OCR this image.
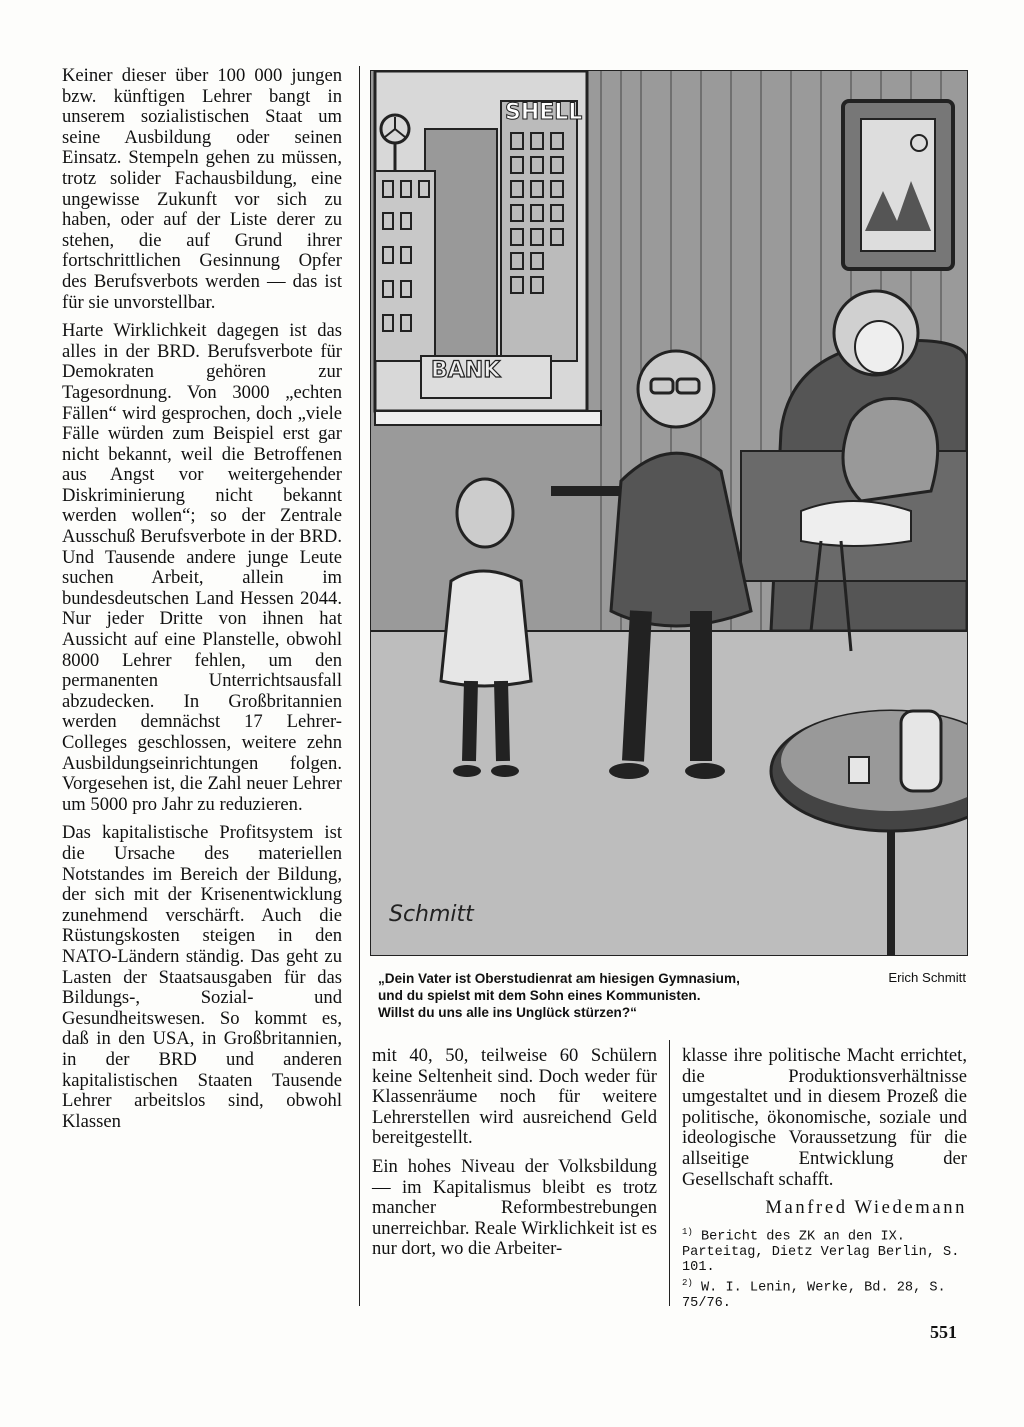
Keiner dieser über 100 000 jungen bzw. künftigen Lehrer bangt in unserem sozialistischen Staat um seine Ausbildung oder seinen Einsatz. Stempeln gehen zu müssen, trotz solider Fachausbildung, eine ungewisse Zukunft vor sich zu haben, oder auf der Liste derer zu stehen, die auf Grund ihrer fortschrittlichen Gesinnung Opfer des Berufsverbots werden — das ist für sie unvorstellbar.

Harte Wirklichkeit dagegen ist das alles in der BRD. Berufsverbote für Demokraten gehören zur Tagesordnung. Von 3000 „echten Fällen“ wird gesprochen, doch „viele Fälle würden zum Beispiel erst gar nicht bekannt, weil die Betroffenen aus Angst vor weitergehender Diskriminierung nicht bekannt werden wollen“; so der Zentrale Ausschuß Berufsverbote in der BRD. Und Tausende andere junge Leute suchen Arbeit, allein im bundesdeutschen Land Hessen 2044. Nur jeder Dritte von ihnen hat Aussicht auf eine Planstelle, obwohl 8000 Lehrer fehlen, um den permanenten Unterrichtsausfall abzudecken. In Großbritannien werden demnächst 17 Lehrer-Colleges geschlossen, weitere zehn Ausbildungseinrichtungen folgen. Vorgesehen ist, die Zahl neuer Lehrer um 5000 pro Jahr zu reduzieren.

Das kapitalistische Profitsystem ist die Ursache des materiellen Notstandes im Bereich der Bildung, der sich mit der Krisenentwicklung zunehmend verschärft. Auch die Rüstungskosten steigen in den NATO-Ländern ständig. Das geht zu Lasten der Staatsausgaben für das Bildungs-, Sozial- und Gesundheitswesen. So kommt es, daß in den USA, in Großbritannien, in der BRD und anderen kapitalistischen Staaten Tausende Lehrer arbeitslos sind, obwohl Klassen

SHELL
BANK
Schmitt
„Dein Vater ist Oberstudienrat am hiesigen Gymnasium,
und du spielst mit dem Sohn eines Kommunisten.
Willst du uns alle ins Unglück stürzen?“
Erich Schmitt

mit 40, 50, teilweise 60 Schülern keine Seltenheit sind. Doch weder für Klassenräume noch für weitere Lehrerstellen wird ausreichend Geld bereitgestellt.

Ein hohes Niveau der Volksbildung — im Kapitalismus bleibt es trotz mancher Reformbestrebungen unerreichbar. Reale Wirklichkeit ist es nur dort, wo die Arbeiter-

klasse ihre politische Macht errichtet, die Produktionsverhältnisse umgestaltet und in diesem Prozeß die politische, ökonomische, soziale und ideologische Voraussetzung für die allseitige Entwicklung der Gesellschaft schafft.

Manfred Wiedemann
$^{1)}$ Bericht des ZK an den IX. Parteitag, Dietz Verlag Berlin, S. 101.
$^{2)}$ W. I. Lenin, Werke, Bd. 28, S. 75/76.
551
